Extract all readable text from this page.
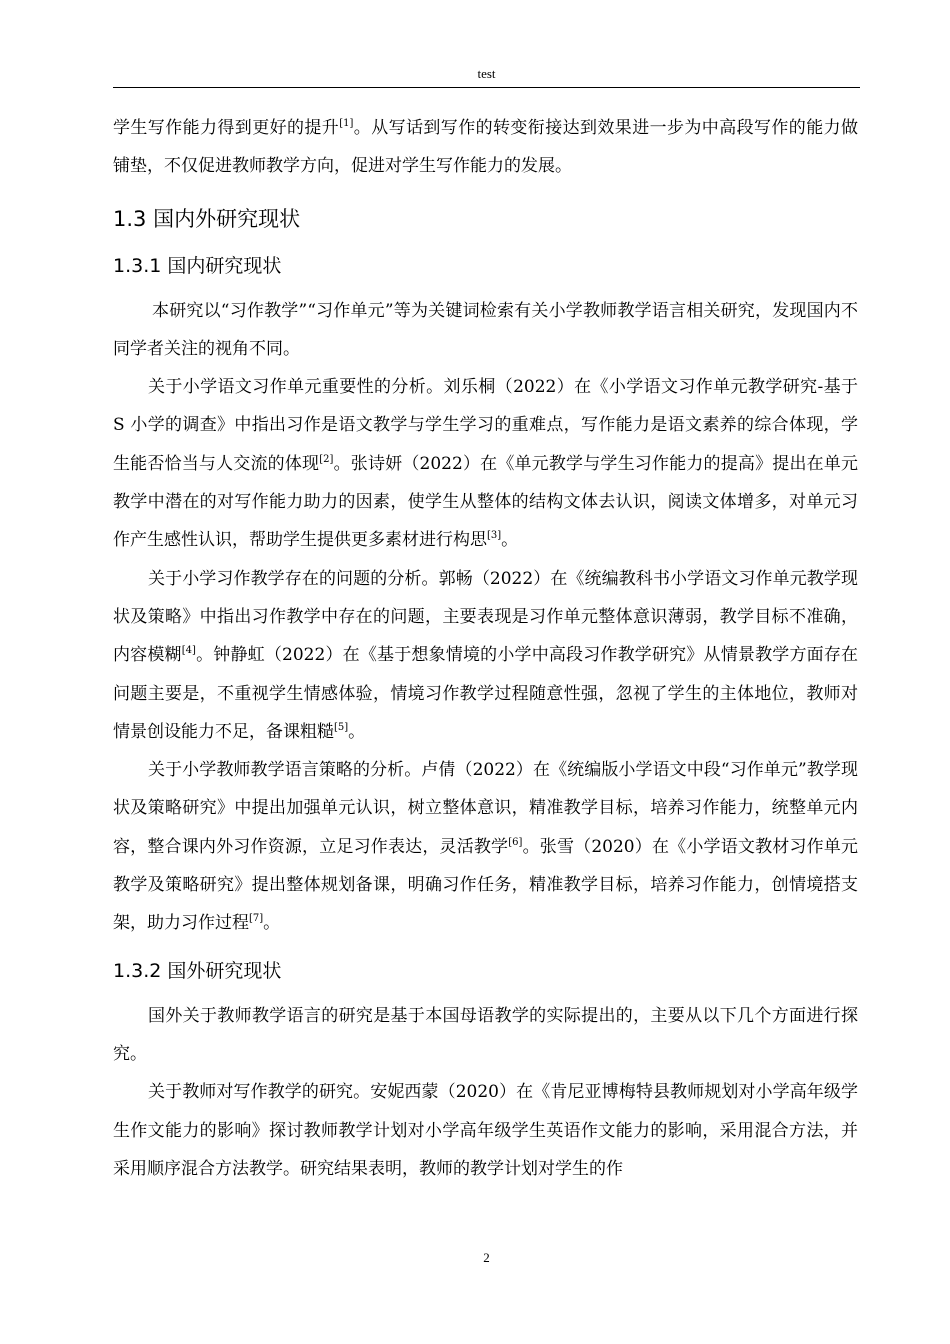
test

学生写作能力得到更好的提升[1]。从写话到写作的转变衔接达到效果进一步为中高段写作的能力做铺垫，不仅促进教师教学方向，促进对学生写作能力的发展。

1.3 国内外研究现状
1.3.1 国内研究现状

本研究以“习作教学”“习作单元”等为关键词检索有关小学教师教学语言相关研究，发现国内不同学者关注的视角不同。

关于小学语文习作单元重要性的分析。刘乐桐（2022）在《小学语文习作单元教学研究-基于 S 小学的调查》中指出习作是语文教学与学生学习的重难点，写作能力是语文素养的综合体现，学生能否恰当与人交流的体现[2]。张诗妍（2022）在《单元教学与学生习作能力的提高》提出在单元教学中潜在的对写作能力助力的因素，使学生从整体的结构文体去认识，阅读文体增多，对单元习作产生感性认识，帮助学生提供更多素材进行构思[3]。

关于小学习作教学存在的问题的分析。郭畅（2022）在《统编教科书小学语文习作单元教学现状及策略》中指出习作教学中存在的问题，主要表现是习作单元整体意识薄弱，教学目标不准确，内容模糊[4]。钟静虹（2022）在《基于想象情境的小学中高段习作教学研究》从情景教学方面存在问题主要是，不重视学生情感体验，情境习作教学过程随意性强，忽视了学生的主体地位，教师对情景创设能力不足，备课粗糙[5]。

关于小学教师教学语言策略的分析。卢倩（2022）在《统编版小学语文中段“习作单元”教学现状及策略研究》中提出加强单元认识，树立整体意识，精准教学目标，培养习作能力，统整单元内容，整合课内外习作资源，立足习作表达，灵活教学[6]。张雪（2020）在《小学语文教材习作单元教学及策略研究》提出整体规划备课，明确习作任务，精准教学目标，培养习作能力，创情境搭支架，助力习作过程[7]。

1.3.2 国外研究现状

国外关于教师教学语言的研究是基于本国母语教学的实际提出的，主要从以下几个方面进行探究。

关于教师对写作教学的研究。安妮西蒙（2020）在《肯尼亚博梅特县教师规划对小学高年级学生作文能力的影响》探讨教师教学计划对小学高年级学生英语作文能力的影响，采用混合方法，并采用顺序混合方法教学。研究结果表明，教师的教学计划对学生的作

2
